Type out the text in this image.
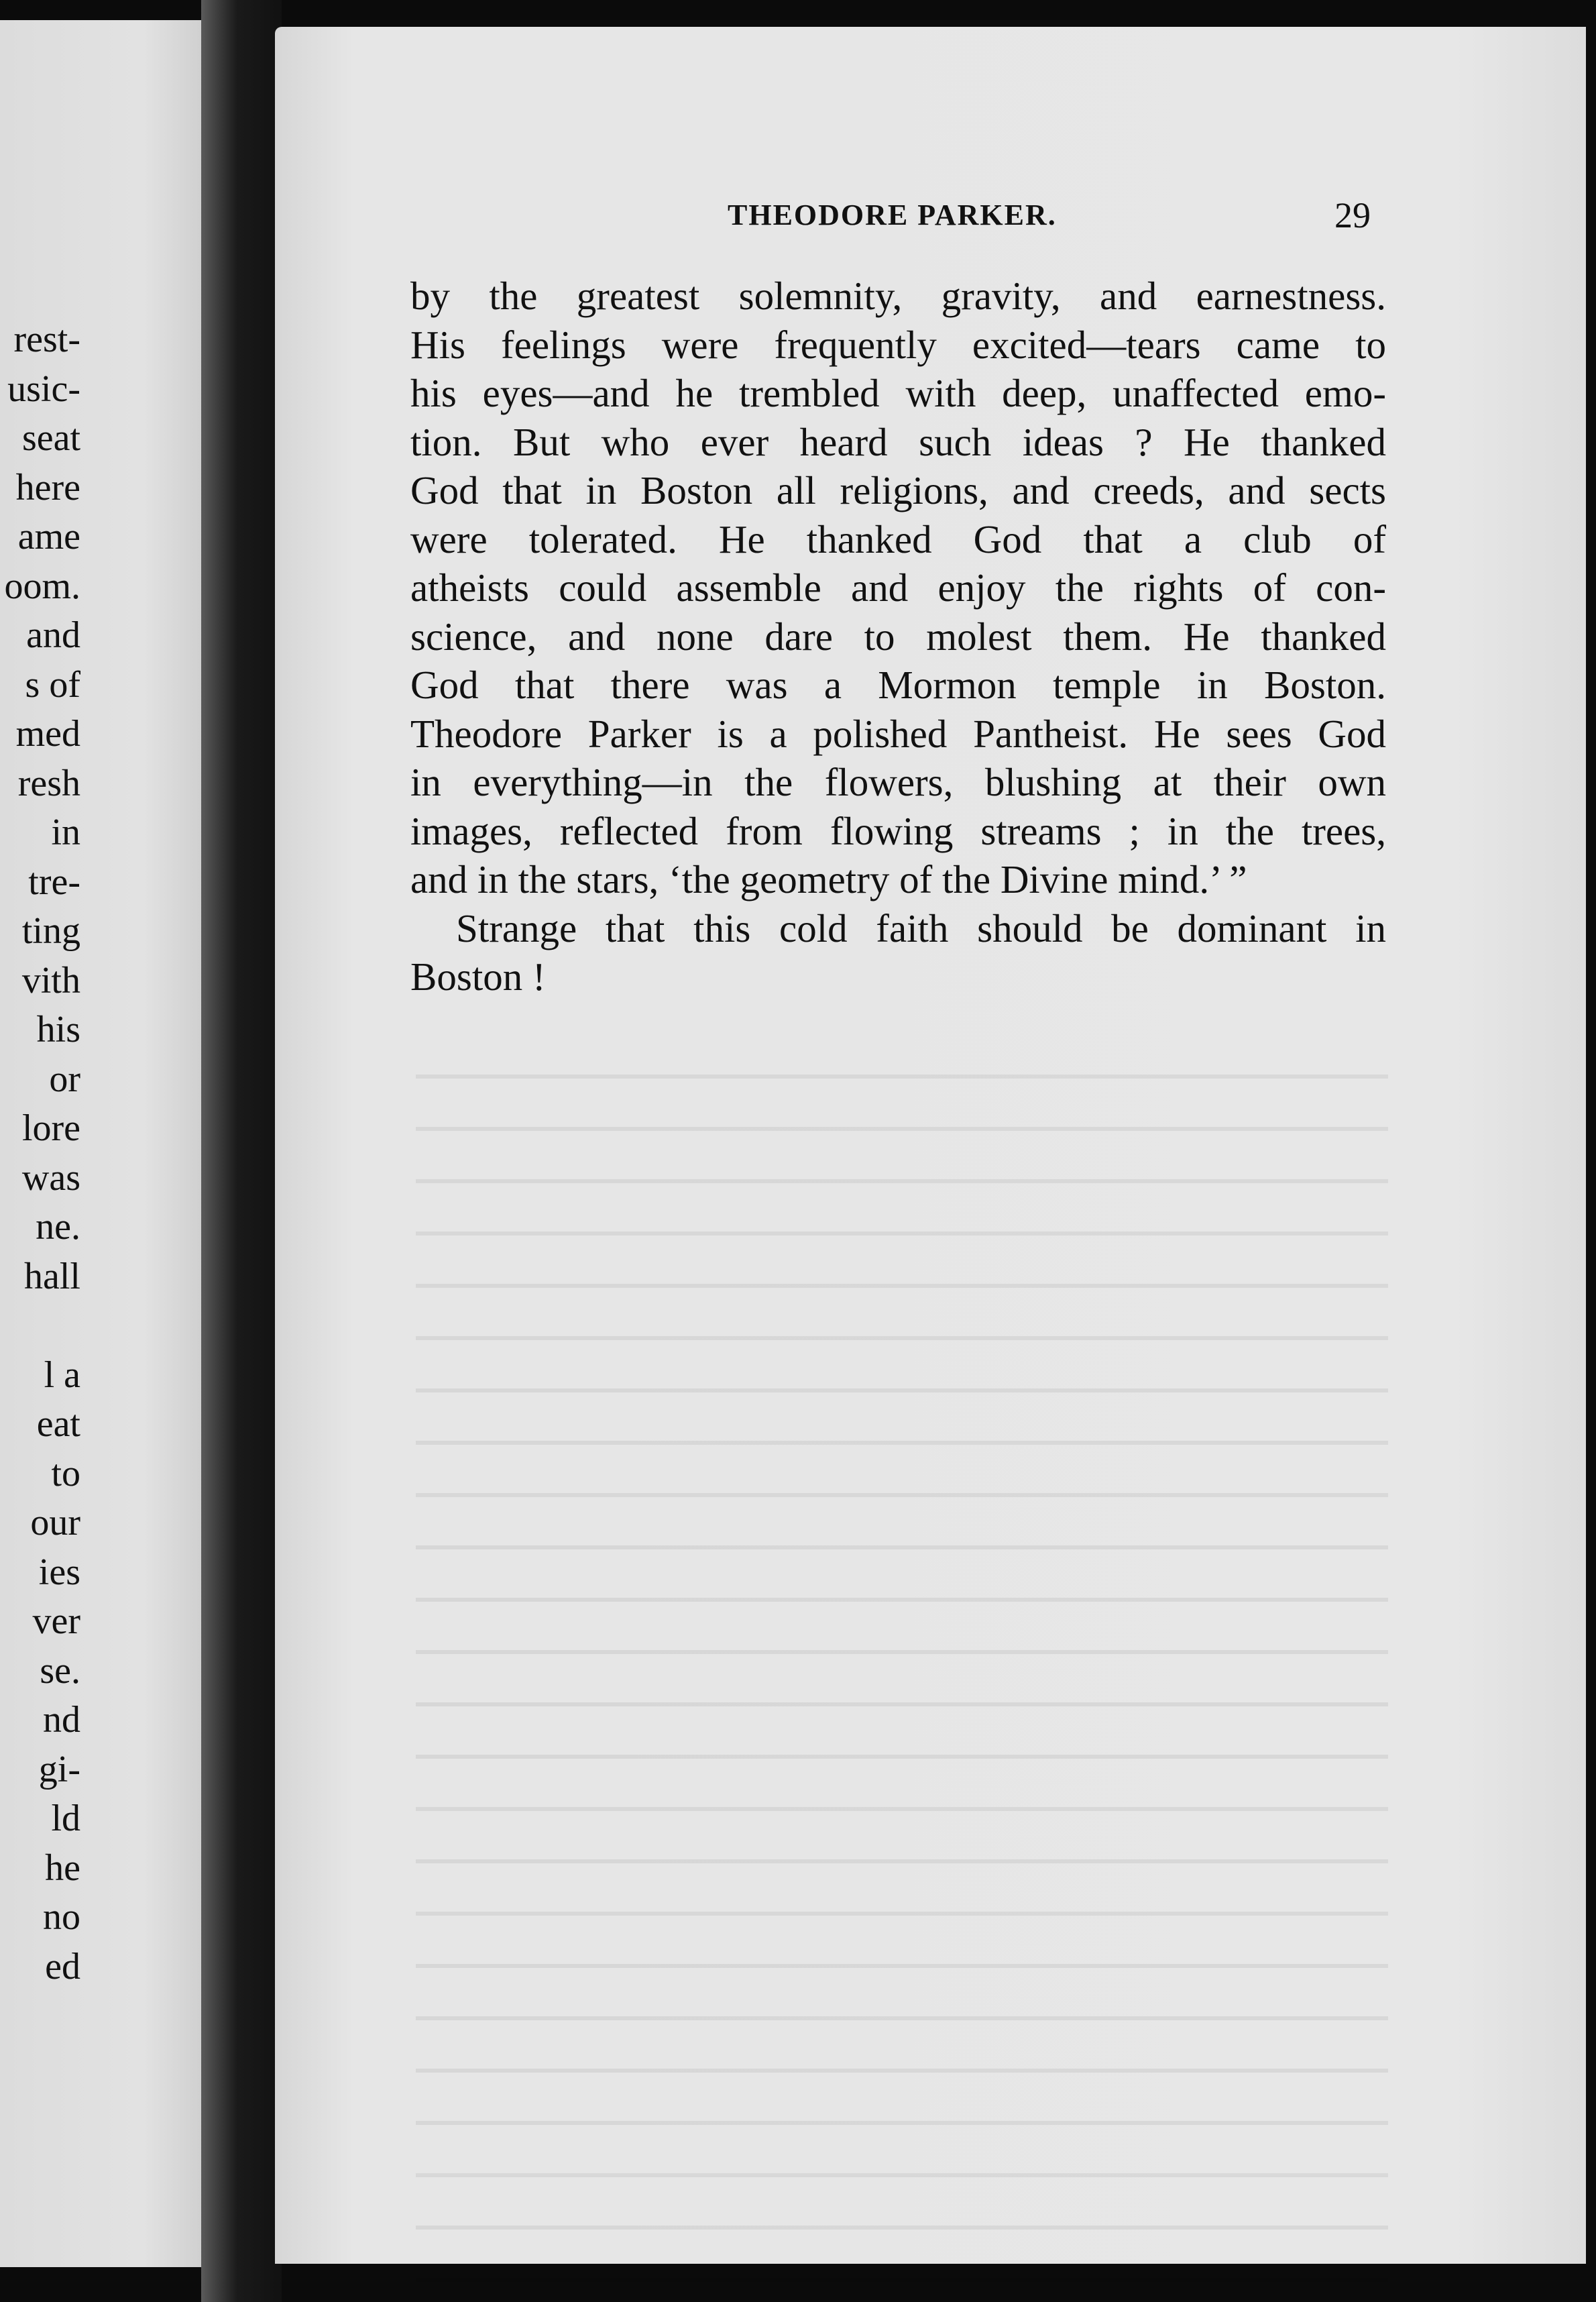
rest-
usic-
seat
here
ame
oom.
and
s of
med
resh
in
tre-
ting
vith
his
or
lore
was
ne.
hall
l a
eat
to
our
ies
ver
se.
nd
gi-
ld
he
no
ed
THEODORE PARKER.	29
by the greatest solemnity, gravity, and earnestness.
His feelings were frequently excited—tears came to
his eyes—and he trembled with deep, unaffected emo-
tion. But who ever heard such ideas ? He thanked
God that in Boston all religions, and creeds, and sects
were tolerated. He thanked God that a club of
atheists could assemble and enjoy the rights of con-
science, and none dare to molest them. He thanked
God that there was a Mormon temple in Boston.
Theodore Parker is a polished Pantheist. He sees God
in everything—in the flowers, blushing at their own
images, reflected from flowing streams ; in the trees,
and in the stars, ‘the geometry of the Divine mind.’ ”
Strange that this cold faith should be dominant in
Boston !
